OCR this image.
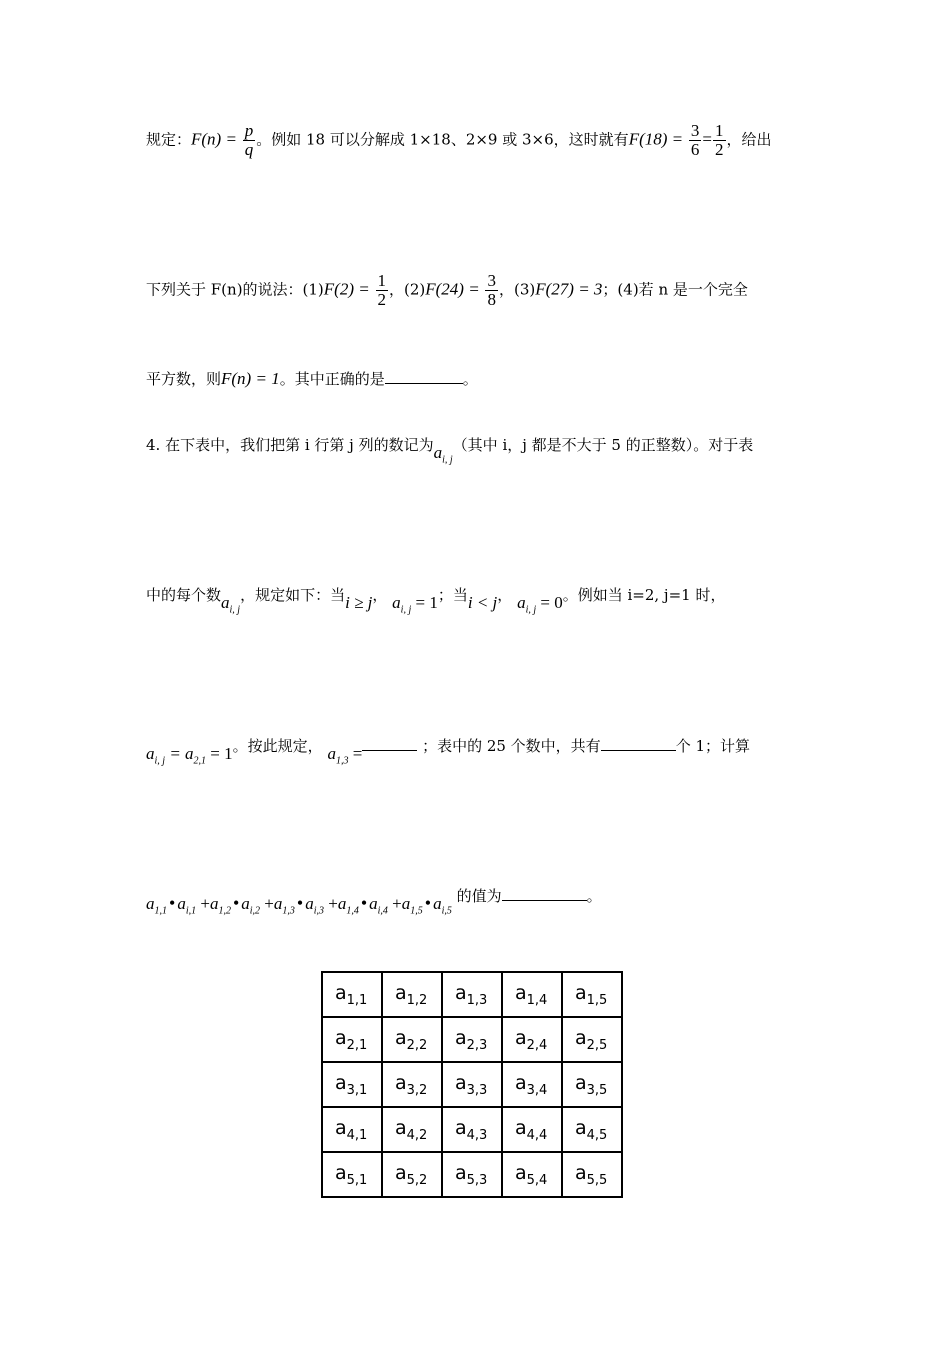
规定：$F(n) = \frac{p}{q}$ 。例如 18 可以分解成 1×18、2×9 或 3×6，这时就有$F(18) = \frac{3}{6} = \frac{1}{2}$ ，给出
下列关于 F(n)的说法：$(1)F(2) = \frac{1}{2}$ ，$(2)F(24) = \frac{3}{8}$ ，(3)F(27) = 3；(4)若 n 是一个完全
平方数，则F(n) = 1。其中正确的是	。
4. 在下表中，我们把第 i 行第 j 列的数记为$a_{i, j}$（其中 i，j 都是不大于 5 的正整数）。对于表
中的每个数$a_{i, j}$，规定如下：当i ≥ j， $a_{i, j} = 1$；当i < j， $a_{i, j} = 0$。例如当 i=2, j=1 时，
$a_{i, j} = a_{2,1} = 1$。按此规定， $a_{1,3}$ =	；表中的 25 个数中，共有	个 1；计算
$a_{1,1}$ • $a_{i,1} +a_{1,2}$ • $a_{i,2} +a_{1,3}$ • $a_{i,3} +a_{1,4}$ • $a_{i,4} +a_{1,5}$ • $a_{i,5}$ 的值为	。
$a_{1,1}$	$a_{1,2}$	$a_{1,3}$	$a_{1,4}$	$a_{1,5}$
$a_{2,1}$	$a_{2,2}$	$a_{2,3}$	$a_{2,4}$	$a_{2,5}$
$a_{3,1}$	$a_{3,2}$	$a_{3,3}$	$a_{3,4}$	$a_{3,5}$
$a_{4,1}$	$a_{4,2}$	$a_{4,3}$	$a_{4,4}$	$a_{4,5}$
$a_{5,1}$	$a_{5,2}$	$a_{5,3}$	$a_{5,4}$	$a_{5,5}$
